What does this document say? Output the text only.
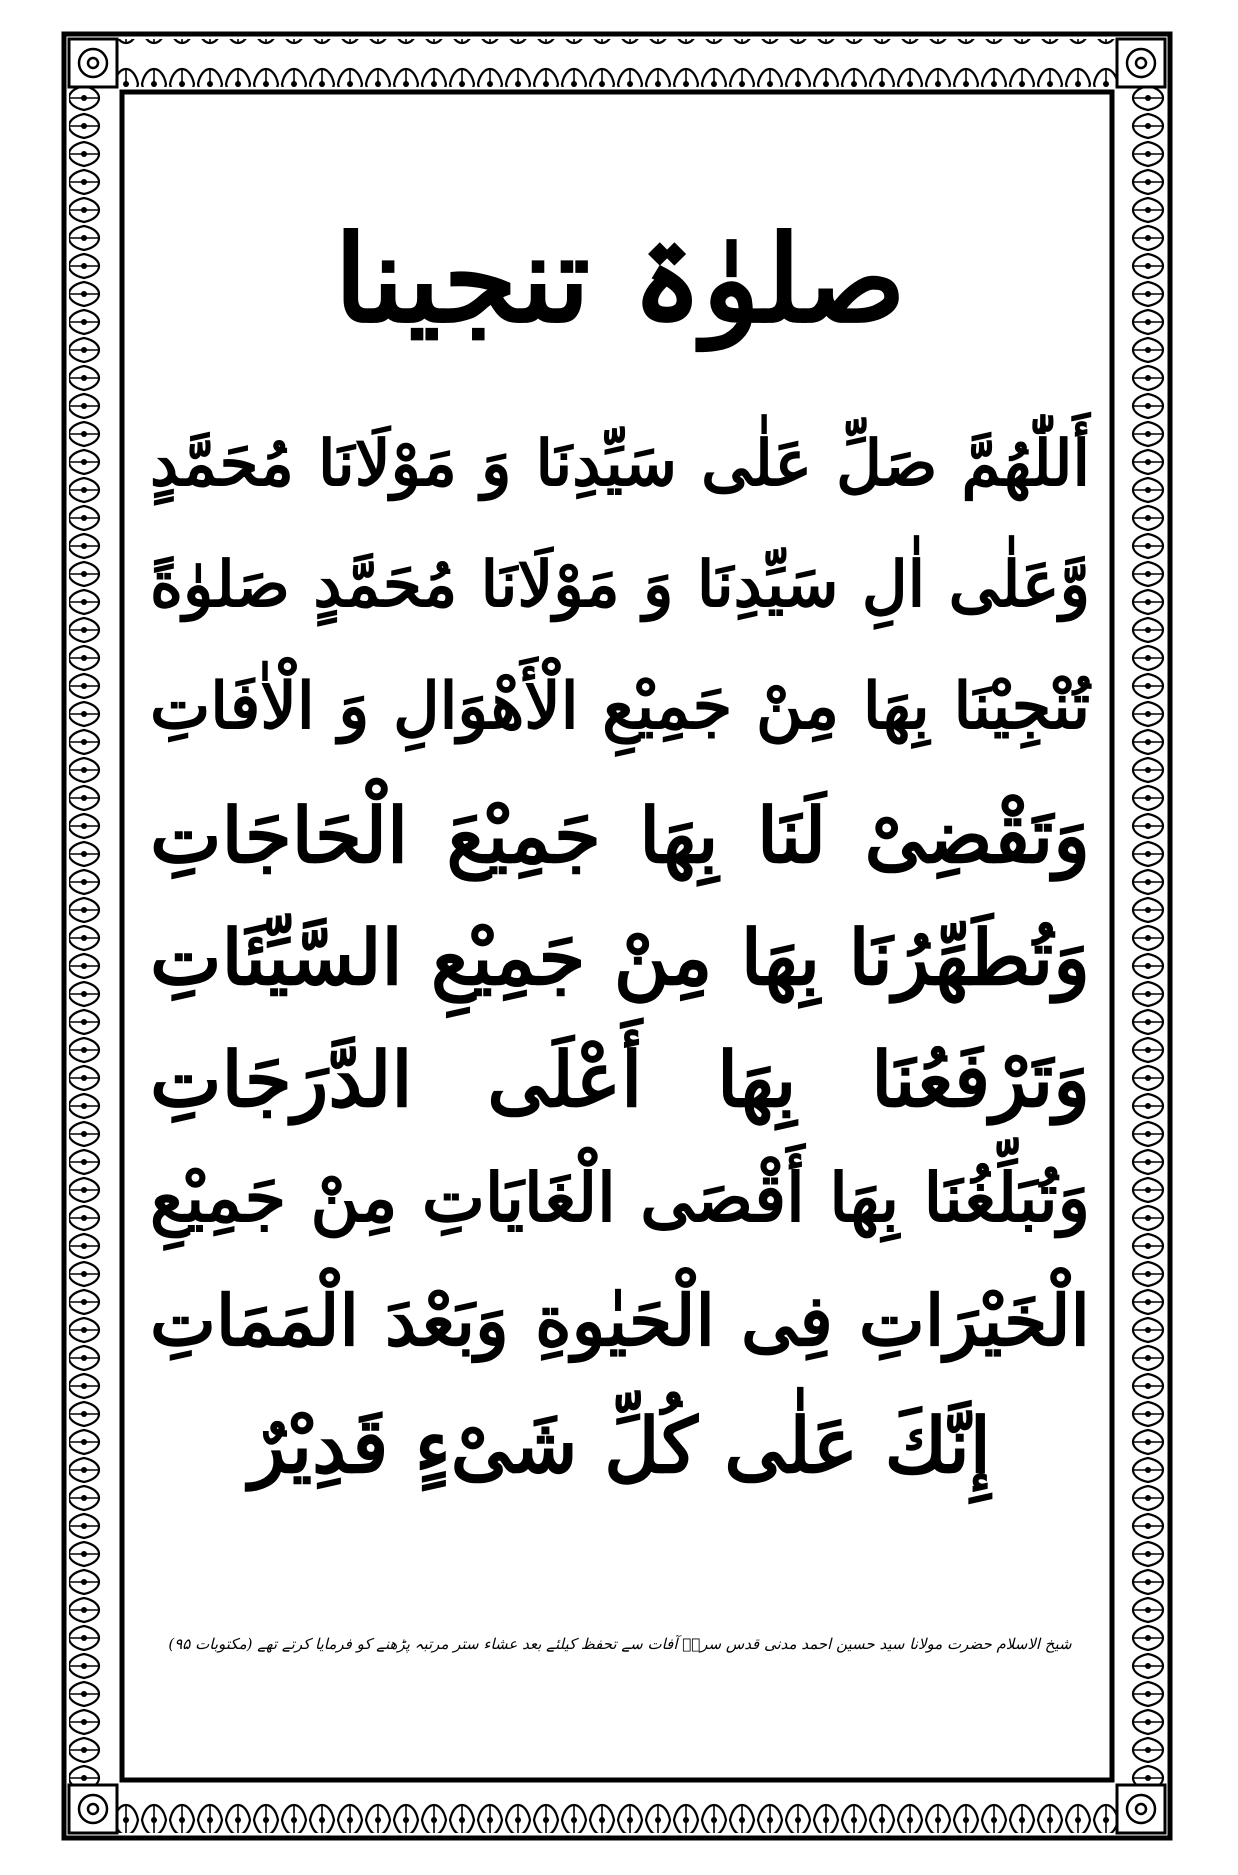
صلوٰۃ تنجینا
أَللّٰهُمَّ صَلِّ عَلٰى سَيِّدِنَا وَ مَوْلَانَا مُحَمَّدٍ
وَّعَلٰى اٰلِ سَيِّدِنَا وَ مَوْلَانَا مُحَمَّدٍ صَلوٰةً
تُنْجِيْنَا بِهَا مِنْ جَمِيْعِ الْأَهْوَالِ وَ الْاٰفَاتِ
وَتَقْضِىْ لَنَا بِهَا جَمِيْعَ الْحَاجَاتِ
وَتُطَهِّرُنَا بِهَا مِنْ جَمِيْعِ السَّيِّئَاتِ
وَتَرْفَعُنَا بِهَا أَعْلَى الدَّرَجَاتِ
وَتُبَلِّغُنَا بِهَا أَقْصَى الْغَايَاتِ مِنْ جَمِيْعِ
الْخَيْرَاتِ فِى الْحَيٰوةِ وَبَعْدَ الْمَمَاتِ
إِنَّكَ عَلٰى كُلِّ شَىْءٍ قَدِيْرٌ
شیخ الاسلام حضرت مولانا سید حسین احمد مدنی قدس سرہٗ آفات سے تحفظ کیلئے بعد عشاء ستر مرتبہ پڑھنے کو فرمایا کرتے تھے (مکتوبات ۹۵)
